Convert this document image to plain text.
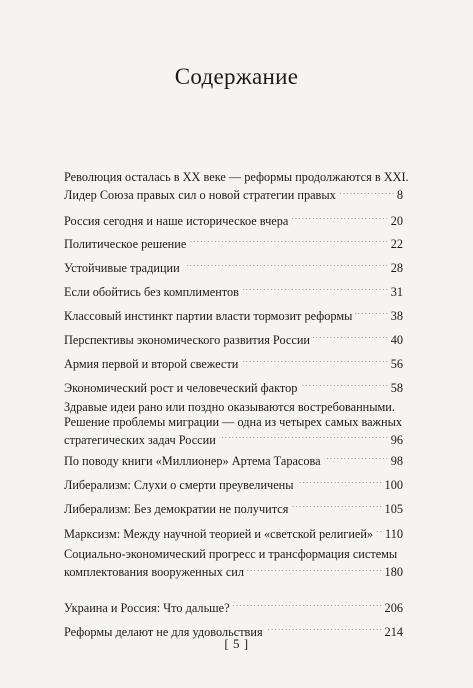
Содержание
Революция осталась в XX веке — реформы продолжаются в XXI.
Лидер Союза правых сил о новой стратегии правых . . .	8
Россия сегодня и наше историческое вчера . . .	20
Политическое решение . . .	22
Устойчивые традиции . . .	28
Если обойтись без комплиментов . . .	31
Классовый инстинкт партии власти тормозит реформы . . .	38
Перспективы экономического развития России . . .	40
Армия первой и второй свежести . . .	56
Экономический рост и человеческий фактор . . .	58
Здравые идеи рано или поздно оказываются востребованными.
Решение проблемы миграции — одна из четырех самых важных
стратегических задач России . . .	96
По поводу книги «Миллионер» Артема Тарасова . . .	98
Либерализм: Слухи о смерти преувеличены . . .	100
Либерализм: Без демократии не получится . . .	105
Марксизм: Между научной теорией и «светской религией» . . . 110
Социально-экономический прогресс и трансформация системы
комплектования вооруженных сил . . .	180
Украина и Россия: Что дальше? . . .	206
Реформы делают не для удовольствия . . .	214
[ 5 ]
